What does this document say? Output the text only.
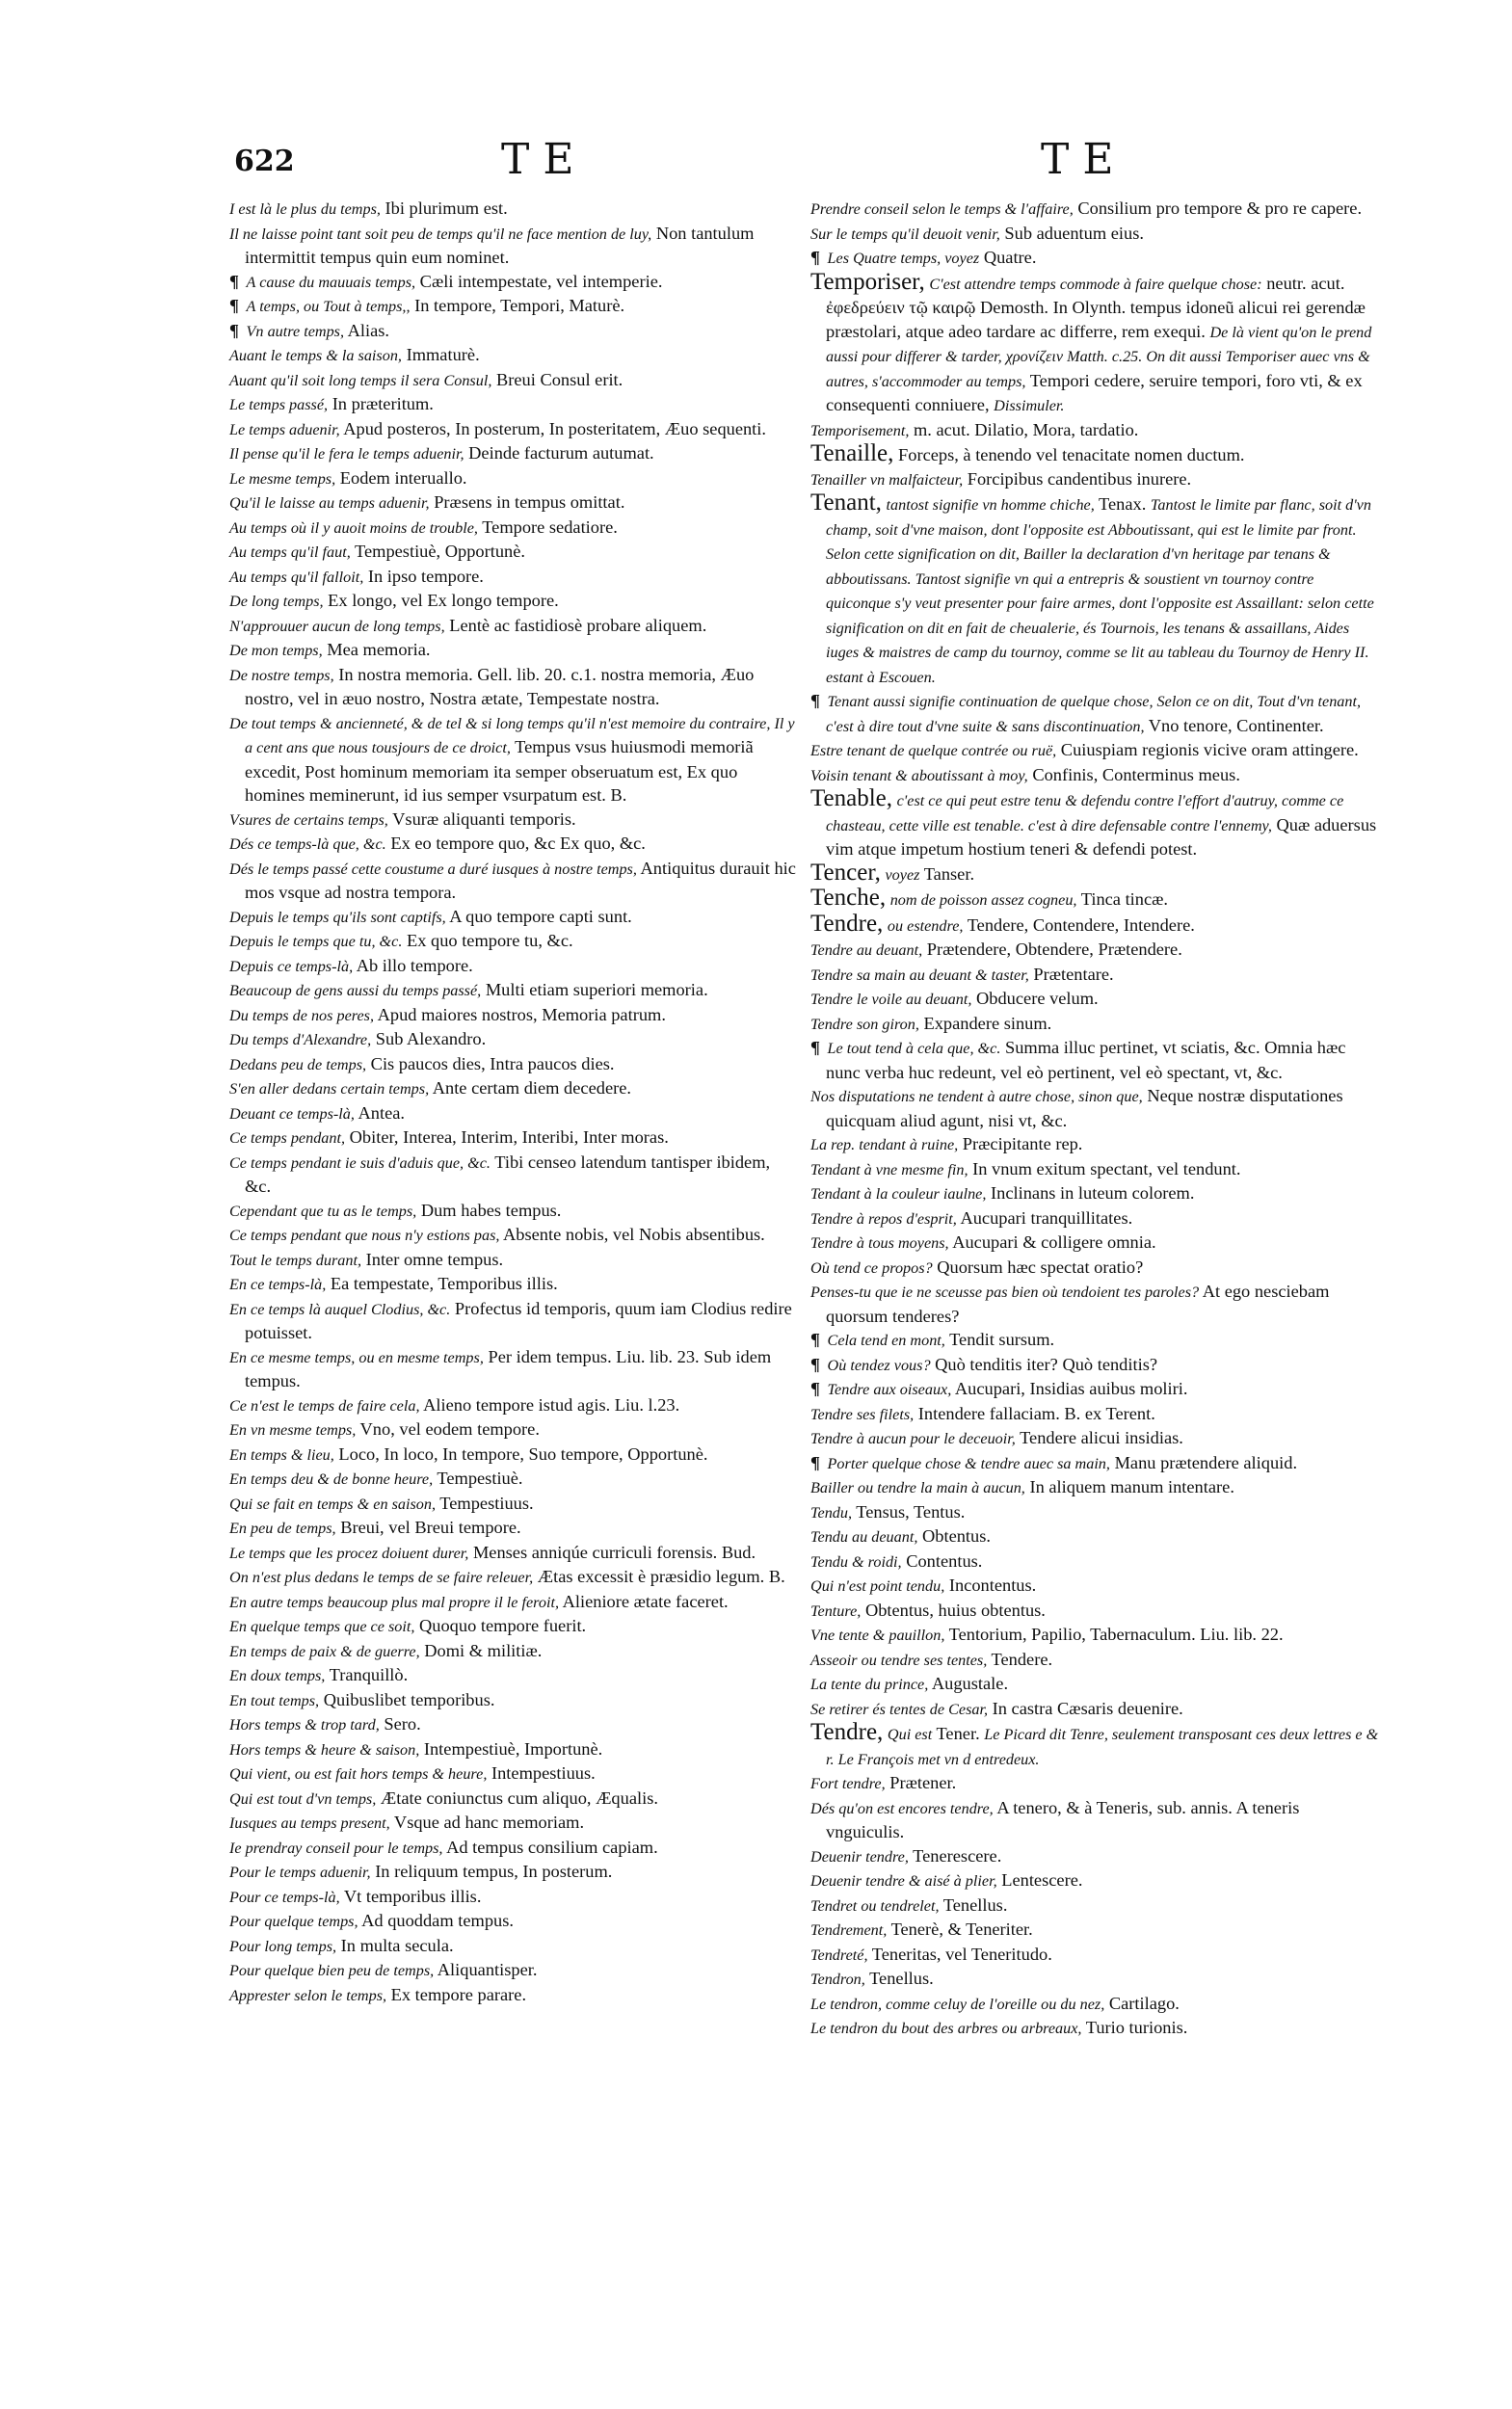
622	TE	TE

I est là le plus du temps, Ibi plurimum est.

Il ne laisse point tant soit peu de temps qu'il ne face mention de luy, Non tantulum intermittit tempus quin eum nominet.

¶ A cause du mauuais temps, Cæli intempestate, vel intemperie.

¶ A temps, ou Tout à temps,, In tempore, Tempori, Maturè.

¶ Vn autre temps, Alias.

Auant le temps & la saison, Immaturè.

Auant qu'il soit long temps il sera Consul, Breui Consul erit.

Le temps passé, In præteritum.

Le temps aduenir, Apud posteros, In posterum, In posteritatem, Æuo sequenti.

Il pense qu'il le fera le temps aduenir, Deinde facturum autumat.

Le mesme temps, Eodem interuallo.

Qu'il le laisse au temps aduenir, Præsens in tempus omittat.

Au temps où il y auoit moins de trouble, Tempore sedatiore.

Au temps qu'il faut, Tempestiuè, Opportunè.

Au temps qu'il falloit, In ipso tempore.

De long temps, Ex longo, vel Ex longo tempore.

N'approuuer aucun de long temps, Lentè ac fastidiosè probare aliquem.

De mon temps, Mea memoria.

De nostre temps, In nostra memoria. Gell. lib. 20. c.1. nostra memoria, Æuo nostro, vel in æuo nostro, Nostra ætate, Tempestate nostra.

De tout temps & ancienneté, & de tel & si long temps qu'il n'est memoire du contraire, Il y a cent ans que nous tousjours de ce droict, Tempus vsus huiusmodi memoriã excedit, Post hominum memoriam ita semper obseruatum est, Ex quo homines meminerunt, id ius semper vsurpatum est. B.

Vsures de certains temps, Vsuræ aliquanti temporis.

Dés ce temps-là que, &c. Ex eo tempore quo, &c Ex quo, &c.

Dés le temps passé cette coustume a duré iusques à nostre temps, Antiquitus durauit hic mos vsque ad nostra tempora.

Depuis le temps qu'ils sont captifs, A quo tempore capti sunt.

Depuis le temps que tu, &c. Ex quo tempore tu, &c.

Depuis ce temps-là, Ab illo tempore.

Beaucoup de gens aussi du temps passé, Multi etiam superiori memoria.

Du temps de nos peres, Apud maiores nostros, Memoria patrum.

Du temps d'Alexandre, Sub Alexandro.

Dedans peu de temps, Cis paucos dies, Intra paucos dies.

S'en aller dedans certain temps, Ante certam diem decedere.

Deuant ce temps-là, Antea.

Ce temps pendant, Obiter, Interea, Interim, Interibi, Inter moras.

Ce temps pendant ie suis d'aduis que, &c. Tibi censeo latendum tantisper ibidem, &c.

Cependant que tu as le temps, Dum habes tempus.

Ce temps pendant que nous n'y estions pas, Absente nobis, vel Nobis absentibus.

Tout le temps durant, Inter omne tempus.

En ce temps-là, Ea tempestate, Temporibus illis.

En ce temps là auquel Clodius, &c. Profectus id temporis, quum iam Clodius redire potuisset.

En ce mesme temps, ou en mesme temps, Per idem tempus. Liu. lib. 23. Sub idem tempus.

Ce n'est le temps de faire cela, Alieno tempore istud agis. Liu. l.23.

En vn mesme temps, Vno, vel eodem tempore.

En temps & lieu, Loco, In loco, In tempore, Suo tempore, Opportunè.

En temps deu & de bonne heure, Tempestiuè.

Qui se fait en temps & en saison, Tempestiuus.

En peu de temps, Breui, vel Breui tempore.

Le temps que les procez doiuent durer, Menses anniqúe curriculi forensis. Bud.

On n'est plus dedans le temps de se faire releuer, Ætas excessit è præsidio legum. B.

En autre temps beaucoup plus mal propre il le feroit, Alieniore ætate faceret.

En quelque temps que ce soit, Quoquo tempore fuerit.

En temps de paix & de guerre, Domi & militiæ.

En doux temps, Tranquillò.

En tout temps, Quibuslibet temporibus.

Hors temps & trop tard, Sero.

Hors temps & heure & saison, Intempestiuè, Importunè.

Qui vient, ou est fait hors temps & heure, Intempestiuus.

Qui est tout d'vn temps, Ætate coniunctus cum aliquo, Æqualis.

Iusques au temps present, Vsque ad hanc memoriam.

Ie prendray conseil pour le temps, Ad tempus consilium capiam.

Pour le temps aduenir, In reliquum tempus, In posterum.

Pour ce temps-là, Vt temporibus illis.

Pour quelque temps, Ad quoddam tempus.

Pour long temps, In multa secula.

Pour quelque bien peu de temps, Aliquantisper.

Apprester selon le temps, Ex tempore parare.

Prendre conseil selon le temps & l'affaire, Consilium pro tempore & pro re capere.

Sur le temps qu'il deuoit venir, Sub aduentum eius.

¶ Les Quatre temps, voyez Quatre.

Temporiser, C'est attendre temps commode à faire quelque chose: neutr. acut. ἐφεδρεύειν τῷ καιρῷ Demosth. In Olynth. tempus idoneũ alicui rei gerendæ præstolari, atque adeo tardare ac differre, rem exequi. De là vient qu'on le prend aussi pour differer & tarder, χρονίζειν Matth. c.25. On dit aussi Temporiser auec vns & autres, s'accommoder au temps, Tempori cedere, seruire tempori, foro vti, & ex consequenti conniuere, Dissimuler.

Temporisement, m. acut. Dilatio, Mora, tardatio.

Tenaille, Forceps, à tenendo vel tenacitate nomen ductum.

Tenailler vn malfaicteur, Forcipibus candentibus inurere.

Tenant, tantost signifie vn homme chiche, Tenax. Tantost le limite par flanc, soit d'vn champ, soit d'vne maison, dont l'opposite est Abboutissant, qui est le limite par front. Selon cette signification on dit, Bailler la declaration d'vn heritage par tenans & abboutissans. Tantost signifie vn qui a entrepris & soustient vn tournoy contre quiconque s'y veut presenter pour faire armes, dont l'opposite est Assaillant: selon cette signification on dit en fait de cheualerie, és Tournois, les tenans & assaillans, Aides iuges & maistres de camp du tournoy, comme se lit au tableau du Tournoy de Henry II. estant à Escouen.

¶ Tenant aussi signifie continuation de quelque chose, Selon ce on dit, Tout d'vn tenant, c'est à dire tout d'vne suite & sans discontinuation, Vno tenore, Continenter.

Estre tenant de quelque contrée ou ruë, Cuiuspiam regionis vicive oram attingere.

Voisin tenant & aboutissant à moy, Confinis, Conterminus meus.

Tenable, c'est ce qui peut estre tenu & defendu contre l'effort d'autruy, comme ce chasteau, cette ville est tenable. c'est à dire defensable contre l'ennemy, Quæ aduersus vim atque impetum hostium teneri & defendi potest.

Tencer, voyez Tanser.

Tenche, nom de poisson assez cogneu, Tinca tincæ.

Tendre, ou estendre, Tendere, Contendere, Intendere.

Tendre au deuant, Prætendere, Obtendere, Prætendere.

Tendre sa main au deuant & taster, Prætentare.

Tendre le voile au deuant, Obducere velum.

Tendre son giron, Expandere sinum.

¶ Le tout tend à cela que, &c. Summa illuc pertinet, vt sciatis, &c. Omnia hæc nunc verba huc redeunt, vel eò pertinent, vel eò spectant, vt, &c.

Nos disputations ne tendent à autre chose, sinon que, Neque nostræ disputationes quicquam aliud agunt, nisi vt, &c.

La rep. tendant à ruine, Præcipitante rep.

Tendant à vne mesme fin, In vnum exitum spectant, vel tendunt.

Tendant à la couleur iaulne, Inclinans in luteum colorem.

Tendre à repos d'esprit, Aucupari tranquillitates.

Tendre à tous moyens, Aucupari & colligere omnia.

Où tend ce propos? Quorsum hæc spectat oratio?

Penses-tu que ie ne sceusse pas bien où tendoient tes paroles? At ego nesciebam quorsum tenderes?

¶ Cela tend en mont, Tendit sursum.

¶ Où tendez vous? Quò tenditis iter? Quò tenditis?

¶ Tendre aux oiseaux, Aucupari, Insidias auibus moliri.

Tendre ses filets, Intendere fallaciam. B. ex Terent.

Tendre à aucun pour le deceuoir, Tendere alicui insidias.

¶ Porter quelque chose & tendre auec sa main, Manu prætendere aliquid.

Bailler ou tendre la main à aucun, In aliquem manum intentare.

Tendu, Tensus, Tentus.

Tendu au deuant, Obtentus.

Tendu & roidi, Contentus.

Qui n'est point tendu, Incontentus.

Tenture, Obtentus, huius obtentus.

Vne tente & pauillon, Tentorium, Papilio, Tabernaculum. Liu. lib. 22.

Asseoir ou tendre ses tentes, Tendere.

La tente du prince, Augustale.

Se retirer és tentes de Cesar, In castra Cæsaris deuenire.

Tendre, Qui est Tener. Le Picard dit Tenre, seulement transposant ces deux lettres e & r. Le François met vn d entredeux.

Fort tendre, Prætener.

Dés qu'on est encores tendre, A tenero, & à Teneris, sub. annis. A teneris vnguiculis.

Deuenir tendre, Tenerescere.

Deuenir tendre & aisé à plier, Lentescere.

Tendret ou tendrelet, Tenellus.

Tendrement, Tenerè, & Teneriter.

Tendreté, Teneritas, vel Teneritudo.

Tendron, Tenellus.

Le tendron, comme celuy de l'oreille ou du nez, Cartilago.

Le tendron du bout des arbres ou arbreaux, Turio turionis.
